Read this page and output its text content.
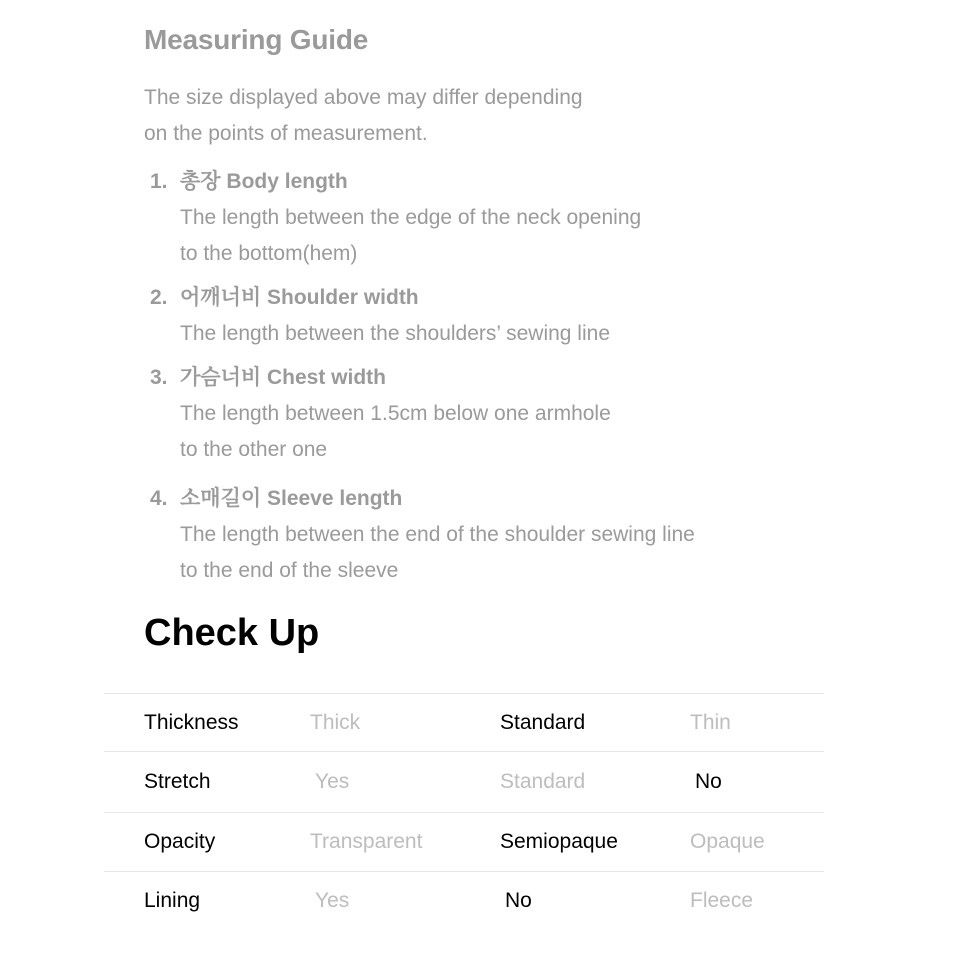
Measuring Guide

The size displayed above may differ depending
on the points of measurement.

1. 총장 Body length
The length between the edge of the neck opening
to the bottom(hem)
2. 어깨너비 Shoulder width
The length between the shoulders’ sewing line
3. 가슴너비 Chest width
The length between 1.5cm below one armhole
to the other one
4. 소매길이 Sleeve length
The length between the end of the shoulder sewing line
to the end of the sleeve
Check Up
Thickness	Thick	Standard	Thin
Stretch	Yes	Standard	No
Opacity	Transparent	Semiopaque	Opaque
Lining	Yes	No	Fleece
